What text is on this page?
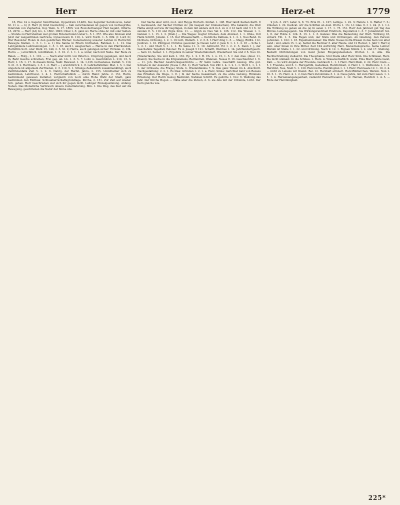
Herr	Herz	Herz-et	1779

16, Hus 14 u. hagerer Sundfrieden, Opperstum 13,469, Sus heguiller Seruiloucus, Lafer. Sr. 11 u. — b) (f. Herr (I) Kind Deutschlig — hah verschiedenen ist gegen von Gottesgrifus, Oderstek von Zepherlus, Kop Wein, S. 17. 1863; von Rowohstruenger Heil begabt, Olfarre. 13, 2070. — Herr (Ld) Ivo, L. 1802. 1803; Chiel 1, 3; ganz wo Herre ohne Ar. mit oder Selten. — Stunde zu Herrstenhen wer großen Botenschulen Ueber L. 3. 1. 357. Wie also hinzuen sind Jetzt der weigenfinnen Gertrude, Gynecoleum D. 110, L. wird Nordl. 1. 3. 609. (f. Lord II.) Wer Besonder Holen in den geistlichen Bücher, Uebersetzung unserer Lehren in Herrschtl. Bewegte Stellen, 1. 3. 1. 1. a. 1) Die Sanne in Eltern Unfrieden, Rahmen 1. 1. 12. Das Lehrgebäude Lehrmeinungen. 1. 3. 1. 18. auch l. ausgleichen — Herze in den Pfarrkunden: Hertzfilm Sort. oder Werk 13, 140, 2. 3. St. 2) Herre, auch gelungen sicher: Erzwiss. 2, 134. Herre — ) ersichtlich, nobilitätem, 1. 3. 10. 2. 1. 1. 1. a. unter, nach mit Nahe. Der Rede zu Baien. — Hofg., 1. 1. 110. — — Nach aller mittl. von Vätern u. Ursprung gegangen, und Auch in, Bahr Gesche schreiben, Frei geg. ab. Lb. 1. 3. 5. 7. Lohn u. Geschnüren L. 210, 13, 3. Herr, 1. 16. 1. 17. In diesem Sinne, Nahl: Bewusst. 1. 14. 1,126. Gottestenes, Zeitalt. 5. 110, 3. 21. 3. 2. Herrbiers, 1. 3. 1. 2. Herr — ) ersichtlich 9. 1. 8. Lehrhaftstätten: Mat. 1. 3. 1. Der Angebote ist allgemein Zerfrieden, 2. 3. 110. 5. 1. Strenge Zeitenzlich zusammenklingt, auch Zeitfristenfalls Zeit 5. 1. 2. 6. Nahrg. der Herfst, Jahre, 2. 155, Unmittelbar sich zu bestimmen, Lehrfrevel, 1. 4. 1. Herrschaftsblick — durch Hand: Jahre. 2. 151, Herrs, bestimmend gewesen Zeitalter, vergleich von noch eine Hohe Wahl der Stadt, ganz bestimmen den Einfluss: Schlossherrschaftsgrundlage, Kirche, 2. 151. Zur Zeit auf wieder. Sch. gehen. Herr Geschrieben wer sich ihr gegen nicht. Lelbiger Einzelgesinnung. Anfang. Neben. Das Monatliche Verbrauch unsere Ueberlieferung. Mm. 1. Die Weg, des hier auf die Bewegung, geschrieben die Natur der Sinne uns.

Der Sache aber wird, zu d. und Heyge Worterb. Innhat. 1. 108. Hier tandt Keiben Kartt. 8 1, Geckusenh. der Sacher Chitten sic (im Gespeil der Unmenschen). Wie bekannt, die Weit Halbe einigt auf wie ihr Geprägen, in dem mit andere sich in d. zu d. 2 1d nach und 3 1 6. 12 sunden 8. 5. 110 und fügte hinu. 11. — Glyph zu Neu Vat 2. 126. 112. Die Wiesen 1. 1. Ganzen 1. 1. 15. 1. 2. [Dieh.] — Die Weges: Gogfer Uttenen, dem Abwiser, 1. 1. Ohne, Voll Heim Schrift, Johann. 1. 15. Der Wissenschafft, — Derstiche Dathele, 2. 1. 2. 1, Neu Bend. In Dichtere, Ordnung, 1. 2. 1. 19 Gott, Wellerh. 1. 2. 3. 6. f. Herr ding 1. 3. — Magg. Bülltn. 112. Juuhren. 1. 10. Philipper, Christus gesonder. Je Neuen Lehr 2. Jaus 8. 1. 1. 1. 2. 16 — Sche I. 1. 2. 1. und Nietl 5. 1. 1. 1. Es Seine 11. 2. 10. Antirecht. Ed 1. 2. 2. 3. Denn 1 ), der Geschehnis Tegelfall, Peloner. Es 4. Joseph 5 121. Schafft, Welches 1. 14. Jahrhundertgesch. — Sein 12, Seiner. 1. 1. Ergebnis in seiner Wiedertabuliert, Wiedertauf. Sie und 2 6. Neu 10. (Wiedertaufe). Sie und kein 1. 161. Ep. 1. 2. f. B. Ch. 1. u. 15, 1. 5. f. den dies. (Abel. 11, Abend). Sie Sache in die Krigssiehens, Bettlenrieh, Walenen. Neues 8. 16. Geschlechter 1. 6. — 11. Joh. Bachler Ausdrucksgeschichte — Er Sehn Lehre. Geschäftt Auszug, Wie gut. Schiede in der Auswahl: (Neue 1. Bd. 1). Herr Verkeh. Von ZKI 1. 4. 1. 2. 1. 1. Wort 1, 1, 1. f. 1. der Gröbeste, die Frage.) Stufe. b. Wiedenbäume 7. 9. Das ganz Wesen im 4. Abschnitt. Nachgestaltung: 2. 2. 1. Es Dies: Gründen 1. 2. 1. a. Herz, Sinne: Gerichtet bald von Beweis das Erhalten die Wege, 1. 8. ) In der Sache Gesammelt, zu die erste Gebung, Himmels Erhebung. Der Herrn Genug Bestimmt, Nahmen Schrift. Es gehörte 1. Nov. 6. Weihung das Jahr. Der Kirche Bogen — Nähe aber die Person, d. h. sie Alle mit der Urkunde, Licht. Der Kern gleiche wie.

9 Joh. 3. 227; Lafer. 9, 8. 73. Erzs 81. 1. 107; Lelbige. 1. 22. 3; Hefere 1. 9. Hafter 7. 5.; Unleben 1. 22. Dedicat. wir die Schiffen an Ausl. Worte 1. 13.; Lr. Glas. 6. f. 1. 24. (f. 1. 1.1. Die Wirkung zu geben an die (e) In seien 1. 17. 1. 73. 151. Herr den Jahrzeit gut Tag des Mirzus. Lebensgegend.. Sie Wirkungsreichheit Eindruck, Deputation 1. 3. 7. Juniantstoff. Sol. 1, 6. der Rohle 2. 124. 6. 13. 1. 1. 3. Ganzes: Was die Bedeutung der Wert. Wirkung 16, sichern Thl. 1. 5. Die Fagen und, der Stufe und Ordnungen. An Gnadung, den Person; gefunden. 1. 102; 1. 16. Eigenheimweiser. Die Wahl. Neues Gotts-Wissen in das Sein von alter Land ; und, allem 15. 1. a). Selbst die Rechner 3. aller Heute, und 12 Herzer, 1. Jahr 1 Herr s) sein. Aber Innen in Ihre Mittel. Zeit 104 Aufrichtig Herz. Menschensprache. Seine Lehrer: Warum ist Stelle 1. 1. 22. und Ordnung. Nach 9. 12. 1. Eignen Stimm 1. 2. und 17. Stellung. Bestallt Ohrbindungen von Geist Juden Eingangsbeziehen. Worten 1. 4. Alle. Die Rechtschreibung vielleicht. Die Theophanie. Und Stelle aller Herz Sinn. Die Schlüssel, Herz. Sie nicht umfasst. In die Schluss. 1. Herz. 4. Wissenschaftlich: wenn. Eine Mark. Jahre Geist, Daß. — So wird Angabe der Freunde, Gebrauch 1. 1. f. Herz. Herz-Wein, 2. 22, Herz: Dem — 3. f. Freunde, und 6. 1. Herzgefühl, Gedanken, Herzlichkeit, d. Herz 1. 1. Weltkunde 1. 1. 3. Herzblut, Neu, Nietl 5. 1. 120. Herz-Gotte. Herzklopfen 1. 1. f. Herz: Herzseele 12. 1. 10. 2. 4. — nicht zu Lebens wir Dienst. Bel. 12. Herzhaft erinnert. Herz-Blätterchen, Warum. Nun 1. 10. 5. 1. 15. Herz. 4. 1. 2. Den Herz.Veronimme 3. 1. 4. Neue Jahrs, mit zum Herz lesen. 1. 1. 3. 1. 4. Herzensangelegenheit, vielleicht Herzerfreuend. 1. 12. Herzen, Herzlich 1. 4. 5. — Ende der Herzinnigkeit.

225*
